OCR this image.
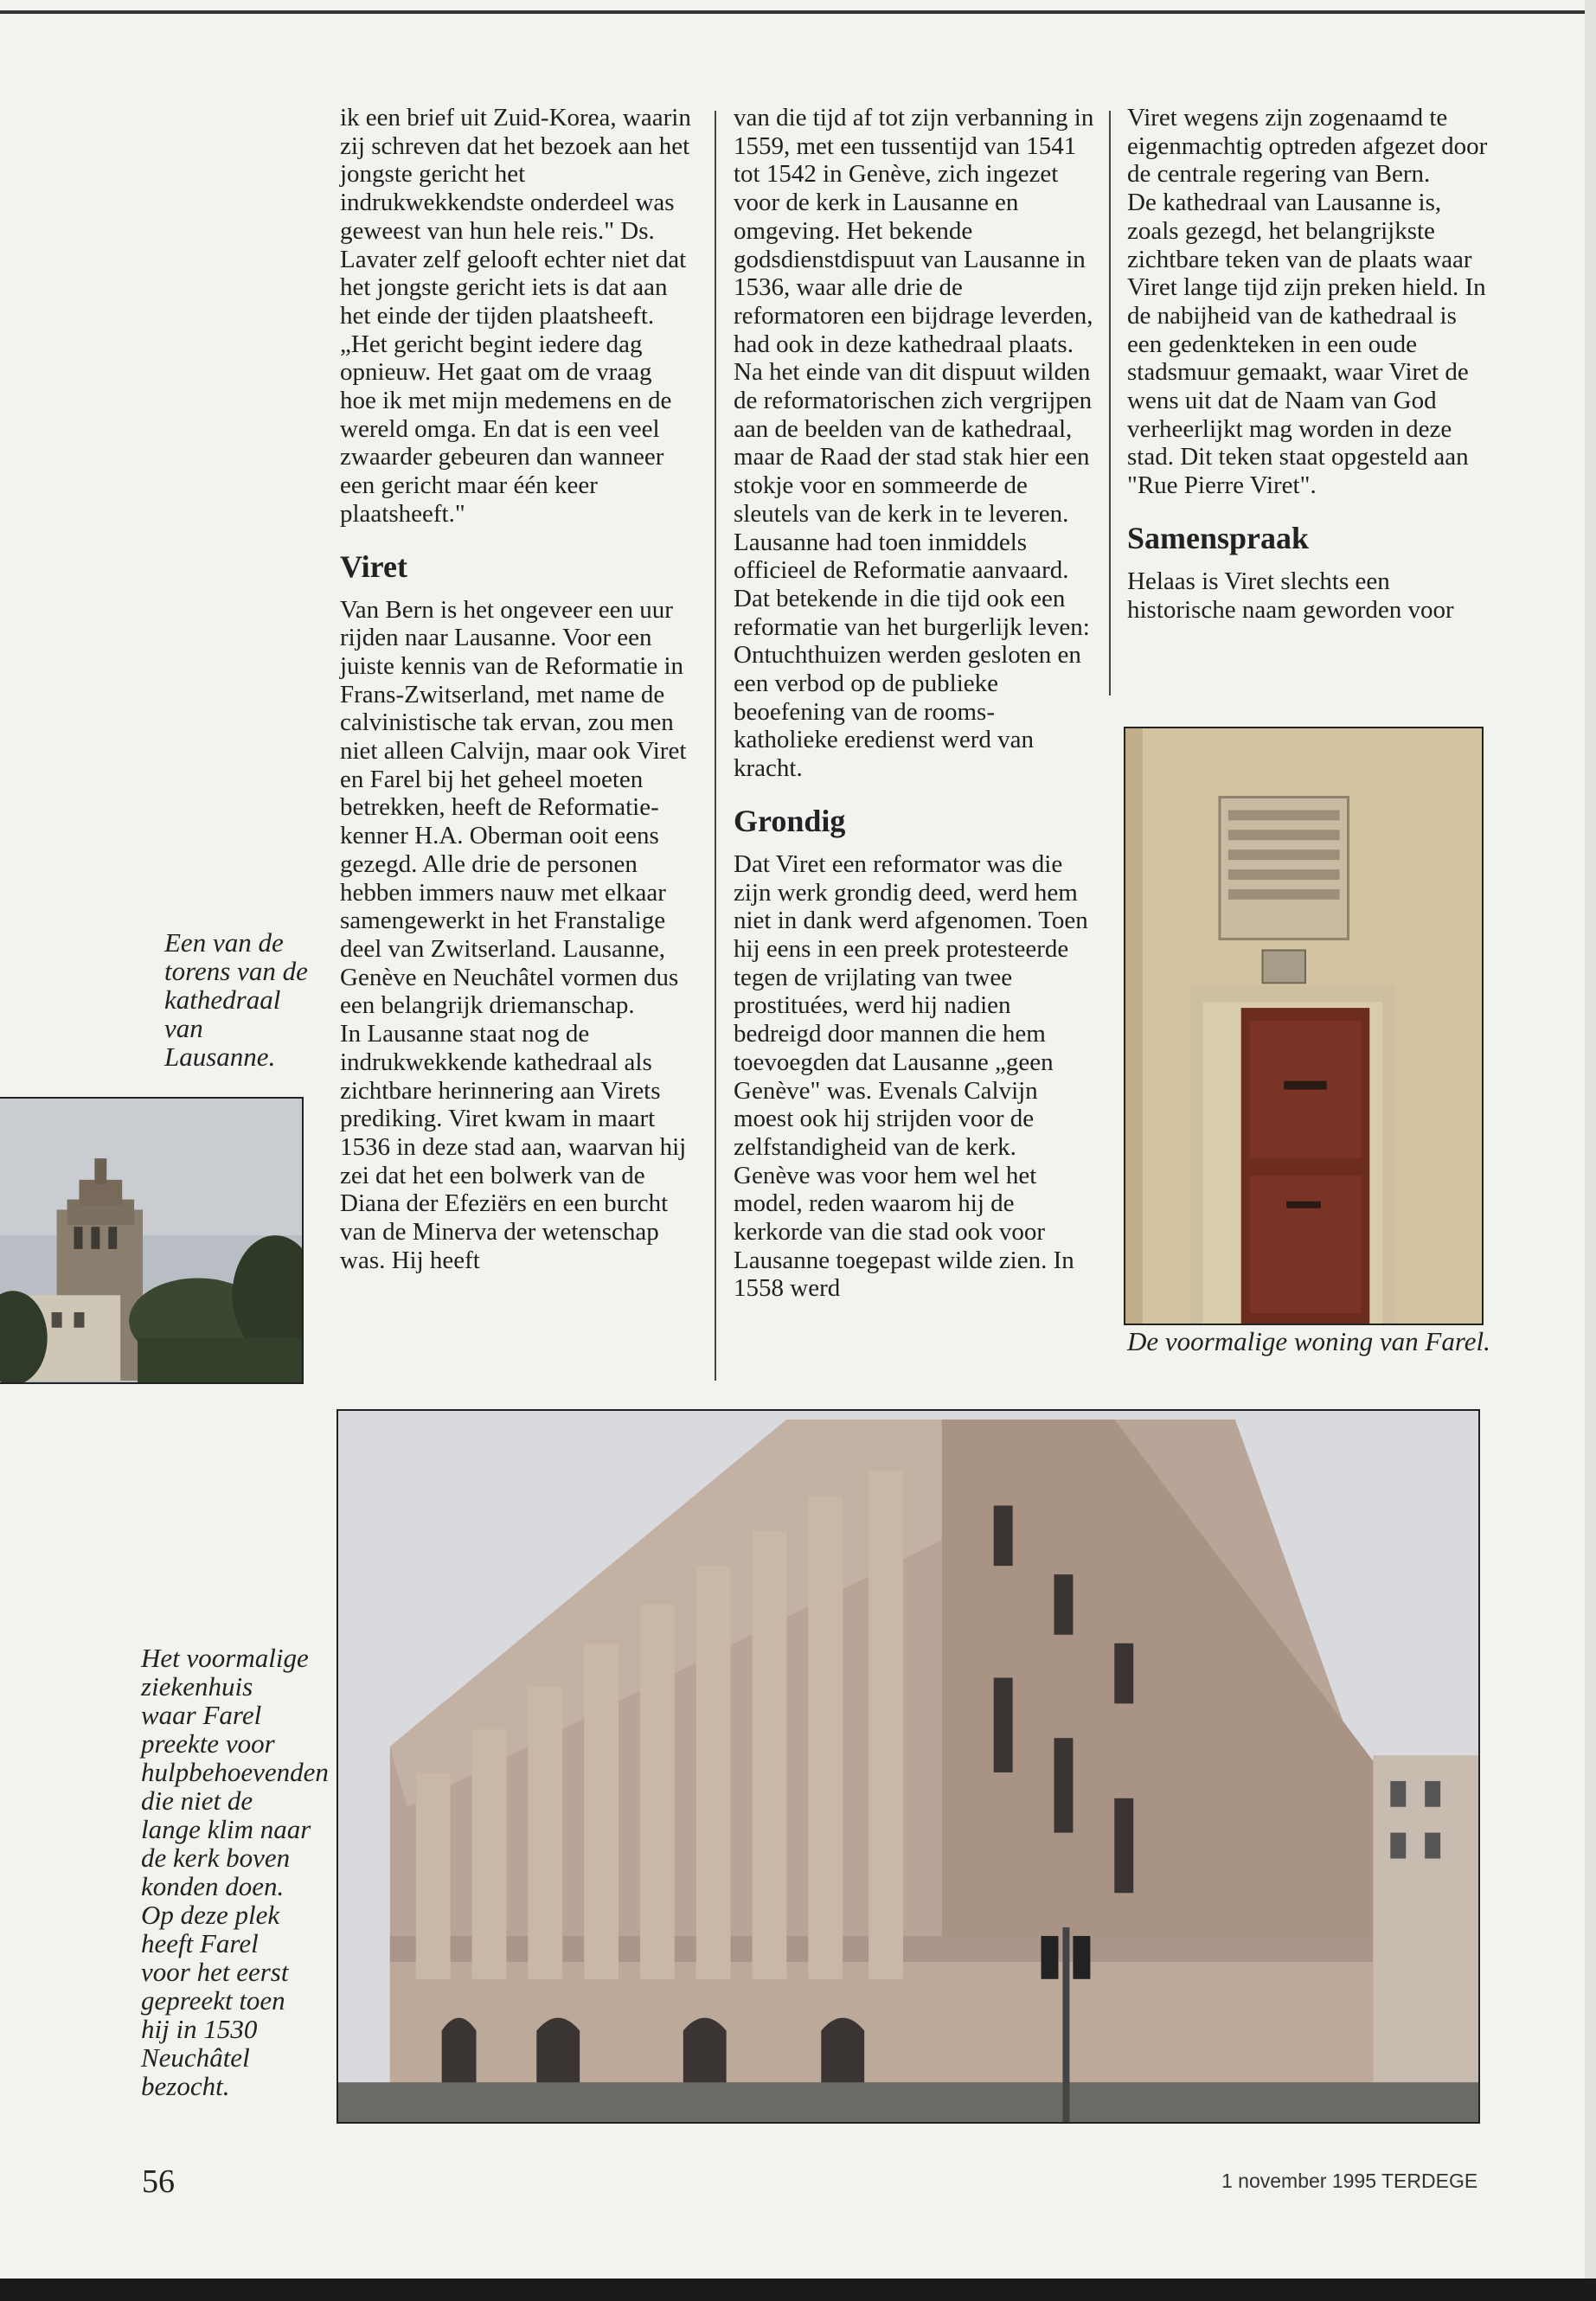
ik een brief uit Zuid-Korea, waarin zij schreven dat het bezoek aan het jongste gericht het indrukwekkendste onderdeel was geweest van hun hele reis." Ds. Lavater zelf gelooft echter niet dat het jongste gericht iets is dat aan het einde der tijden plaatsheeft. „Het gericht begint iedere dag opnieuw. Het gaat om de vraag hoe ik met mijn medemens en de wereld omga. En dat is een veel zwaarder gebeuren dan wanneer een gericht maar één keer plaatsheeft."

Viret

Van Bern is het ongeveer een uur rijden naar Lausanne. Voor een juiste kennis van de Reformatie in Frans-Zwitserland, met name de calvinistische tak ervan, zou men niet alleen Calvijn, maar ook Viret en Farel bij het geheel moeten betrekken, heeft de Reformatie-kenner H.A. Oberman ooit eens gezegd. Alle drie de personen hebben immers nauw met elkaar samengewerkt in het Franstalige deel van Zwitserland. Lausanne, Genève en Neuchâtel vormen dus een belangrijk driemanschap.

In Lausanne staat nog de indrukwekkende kathedraal als zichtbare herinnering aan Virets prediking. Viret kwam in maart 1536 in deze stad aan, waarvan hij zei dat het een bolwerk van de Diana der Efeziërs en een burcht van de Minerva der wetenschap was. Hij heeft

van die tijd af tot zijn verbanning in 1559, met een tussentijd van 1541 tot 1542 in Genève, zich ingezet voor de kerk in Lausanne en omgeving. Het bekende godsdienstdispuut van Lausanne in 1536, waar alle drie de reformatoren een bijdrage leverden, had ook in deze kathedraal plaats.

Na het einde van dit dispuut wilden de reformatorischen zich vergrijpen aan de beelden van de kathedraal, maar de Raad der stad stak hier een stokje voor en sommeerde de sleutels van de kerk in te leveren. Lausanne had toen inmiddels officieel de Reformatie aanvaard. Dat betekende in die tijd ook een reformatie van het burgerlijk leven: Ontuchthuizen werden gesloten en een verbod op de publieke beoefening van de rooms-katholieke eredienst werd van kracht.

Grondig

Dat Viret een reformator was die zijn werk grondig deed, werd hem niet in dank werd afgenomen. Toen hij eens in een preek protesteerde tegen de vrijlating van twee prostituées, werd hij nadien bedreigd door mannen die hem toevoegden dat Lausanne „geen Genève" was. Evenals Calvijn moest ook hij strijden voor de zelfstandigheid van de kerk. Genève was voor hem wel het model, reden waarom hij de kerkorde van die stad ook voor Lausanne toegepast wilde zien. In 1558 werd

Viret wegens zijn zogenaamd te eigenmachtig optreden afgezet door de centrale regering van Bern.

De kathedraal van Lausanne is, zoals gezegd, het belangrijkste zichtbare teken van de plaats waar Viret lange tijd zijn preken hield. In de nabijheid van de kathedraal is een gedenkteken in een oude stadsmuur gemaakt, waar Viret de wens uit dat de Naam van God verheerlijkt mag worden in deze stad. Dit teken staat opgesteld aan "Rue Pierre Viret".

Samenspraak

Helaas is Viret slechts een historische naam geworden voor

Een van de torens van de kathedraal van Lausanne.

De voormalige woning van Farel.

Het voormalige ziekenhuis waar Farel preekte voor hulpbehoevenden die niet de lange klim naar de kerk boven konden doen. Op deze plek heeft Farel voor het eerst gepreekt toen hij in 1530 Neuchâtel bezocht.

56	1 november 1995 TERDEGE
